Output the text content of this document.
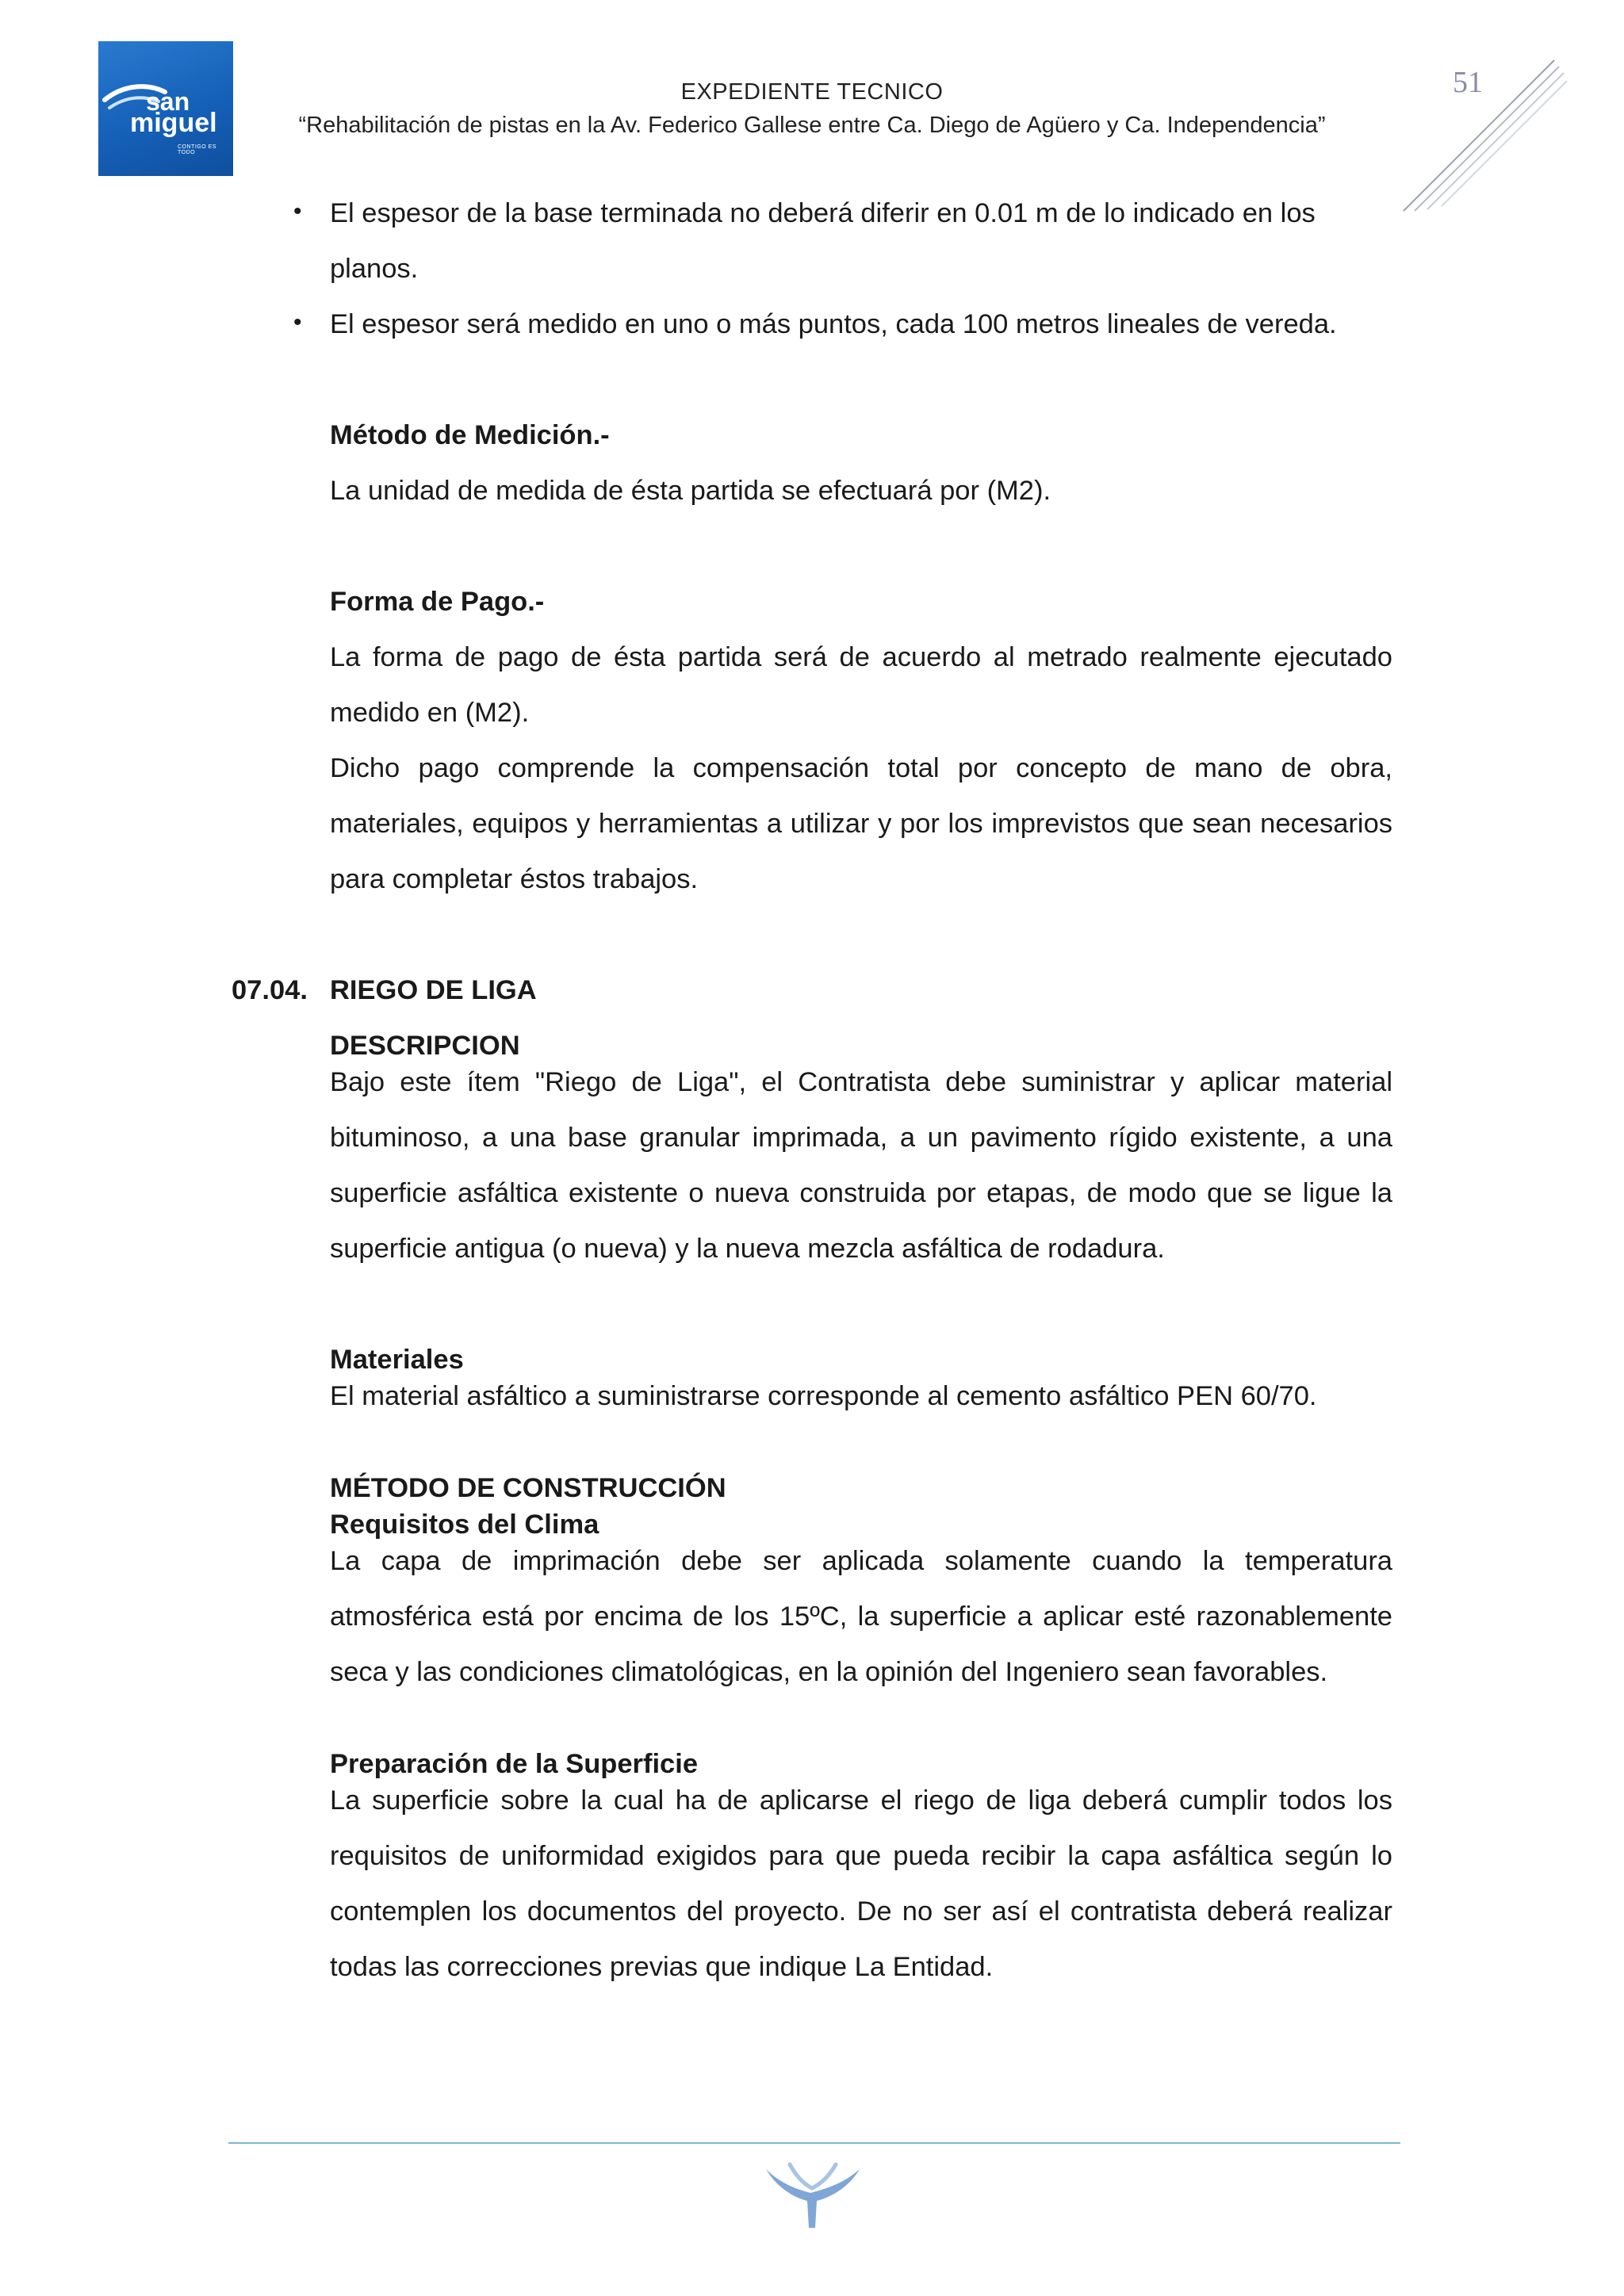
san
miguel
CONTIGO ES TODO
EXPEDIENTE TECNICO
“Rehabilitación de pistas en la Av. Federico Gallese entre Ca. Diego de Agüero y Ca. Independencia”
51
• El espesor de la base terminada no deberá diferir en 0.01 m de lo indicado en los
planos.
• El espesor será medido en uno o más puntos, cada 100 metros lineales de vereda.
Método de Medición.-
La unidad de medida de ésta partida se efectuará por (M2).
Forma de Pago.-
La forma de pago de ésta partida será de acuerdo al metrado realmente ejecutado
medido en (M2).
Dicho pago comprende la compensación total por concepto de mano de obra,
materiales, equipos y herramientas a utilizar y por los imprevistos que sean necesarios
para completar éstos trabajos.
07.04. RIEGO DE LIGA
DESCRIPCION
Bajo este ítem "Riego de Liga", el Contratista debe suministrar y aplicar material
bituminoso, a una base granular imprimada, a un pavimento rígido existente, a una
superficie asfáltica existente o nueva construida por etapas, de modo que se ligue la
superficie antigua (o nueva) y la nueva mezcla asfáltica de rodadura.
Materiales
El material asfáltico a suministrarse corresponde al cemento asfáltico PEN 60/70.
MÉTODO DE CONSTRUCCIÓN
Requisitos del Clima
La capa de imprimación debe ser aplicada solamente cuando la temperatura
atmosférica está por encima de los 15ºC, la superficie a aplicar esté razonablemente
seca y las condiciones climatológicas, en la opinión del Ingeniero sean favorables.
Preparación de la Superficie
La superficie sobre la cual ha de aplicarse el riego de liga deberá cumplir todos los
requisitos de uniformidad exigidos para que pueda recibir la capa asfáltica según lo
contemplen los documentos del proyecto. De no ser así el contratista deberá realizar
todas las correcciones previas que indique La Entidad.
